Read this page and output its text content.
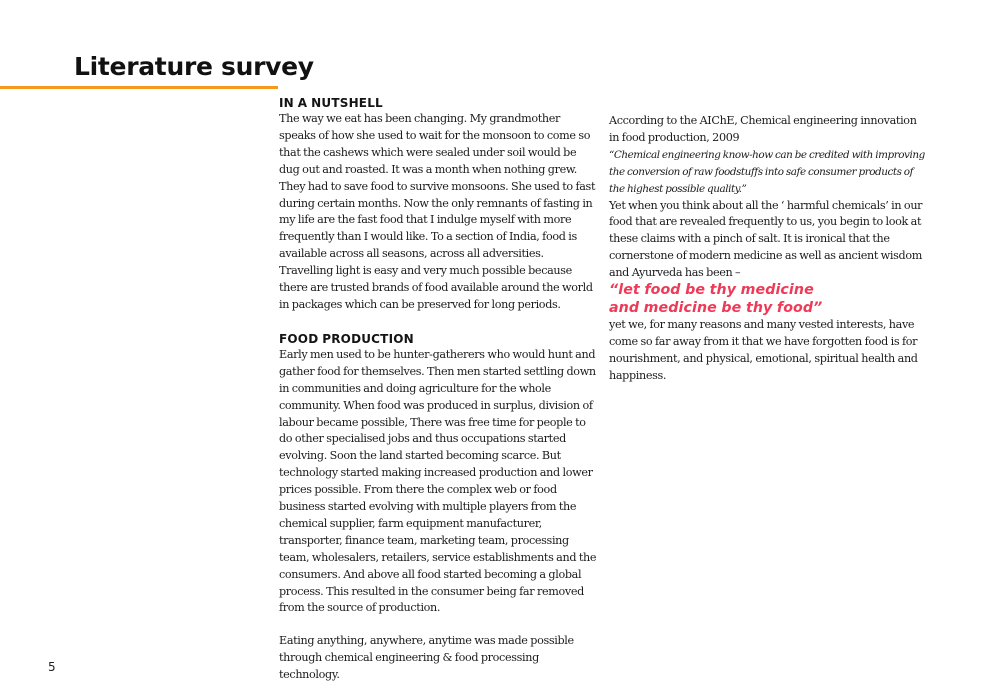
Literature survey
IN A NUTSHELL

The way we eat has been changing. My grandmother speaks of how she used to wait for the monsoon to come so that the cashews which were sealed under soil would be dug out and roasted. It was a month when nothing grew. They had to save food to survive monsoons. She used to fast during certain months. Now the only remnants of fasting in my life are the fast food that I indulge myself with more frequently than I would like. To a section of India, food is available across all seasons, across all adversities. Travelling light is easy and very much possible because there are trusted brands of food available around the world in packages which can be preserved for long periods.

FOOD PRODUCTION

Early men used to be hunter-gatherers who would hunt and gather food for themselves. Then men started settling down in communities and doing agriculture for the whole community. When food was produced in surplus, division of labour became possible, There was free time for people to do other specialised jobs and thus occupations started evolving. Soon the land started becoming scarce. But technology started making increased production and lower prices possible. From there the complex web or food business started evolving with multiple players from the chemical supplier, farm equipment manufacturer, transporter, finance team, marketing team, processing team, wholesalers, retailers, service establishments and the consumers. And above all food started becoming a global process. This resulted in the consumer being far removed from the source of production.

Eating anything, anywhere, anytime was made possible through chemical engineering & food processing technology.

According to the AIChE, Chemical engineering innovation in food production, 2009

“Chemical engineering know-how can be credited with improving the conversion of raw foodstuffs into safe consumer products of the highest possible quality.”

Yet when you think about all the ‘ harmful chemicals’ in our food that are revealed frequently to us, you begin to look at these claims with a pinch of salt. It is ironical that the cornerstone of modern medicine as well as ancient wisdom and Ayurveda has been –

“let food be thy medicine

and medicine be thy food”

yet we, for many reasons and many vested interests, have come so far away from it that we have forgotten food is for nourishment, and physical, emotional, spiritual health and happiness.

5
